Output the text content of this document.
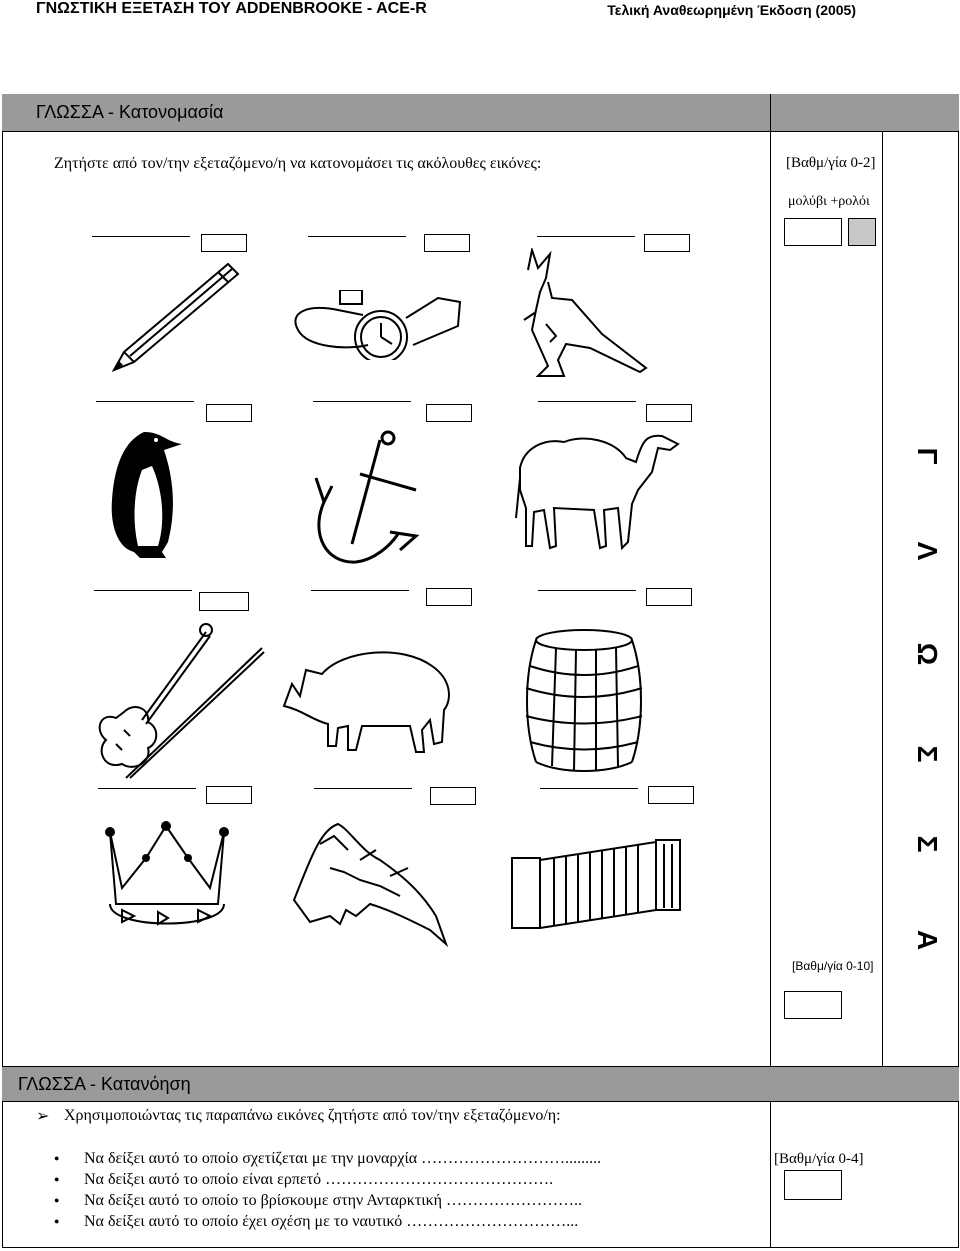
ΓΝΩΣΤΙΚΗ ΕΞΕΤΑΣΗ ΤΟΥ ADDENBROOKE - ACE-R	Τελική Αναθεωρημένη Έκδοση (2005)
ΓΛΩΣΣΑ - Κατονομασία
Ζητήστε από τον/την εξεταζόμενο/η να κατονομάσει τις ακόλουθες εικόνες:	[Βαθμ/γία 0-2]
μολύβι +ρολόι
Γ
Λ
Ω
Σ
Σ
Α
[Βαθμ/γία 0-10]
ΓΛΩΣΣΑ - Κατανόηση
➢ Χρησιμοποιώντας τις παραπάνω εικόνες ζητήστε από τον/την εξεταζόμενο/η:
● Να δείξει αυτό το οποίο σχετίζεται με την μοναρχία ……………………….........
● Να δείξει αυτό το οποίο είναι ερπετό …………………………………….
● Να δείξει αυτό το οποίο το βρίσκουμε στην Ανταρκτική ……………………..
● Να δείξει αυτό το οποίο έχει σχέση με το ναυτικό …………………………...
[Βαθμ/γία 0-4]
